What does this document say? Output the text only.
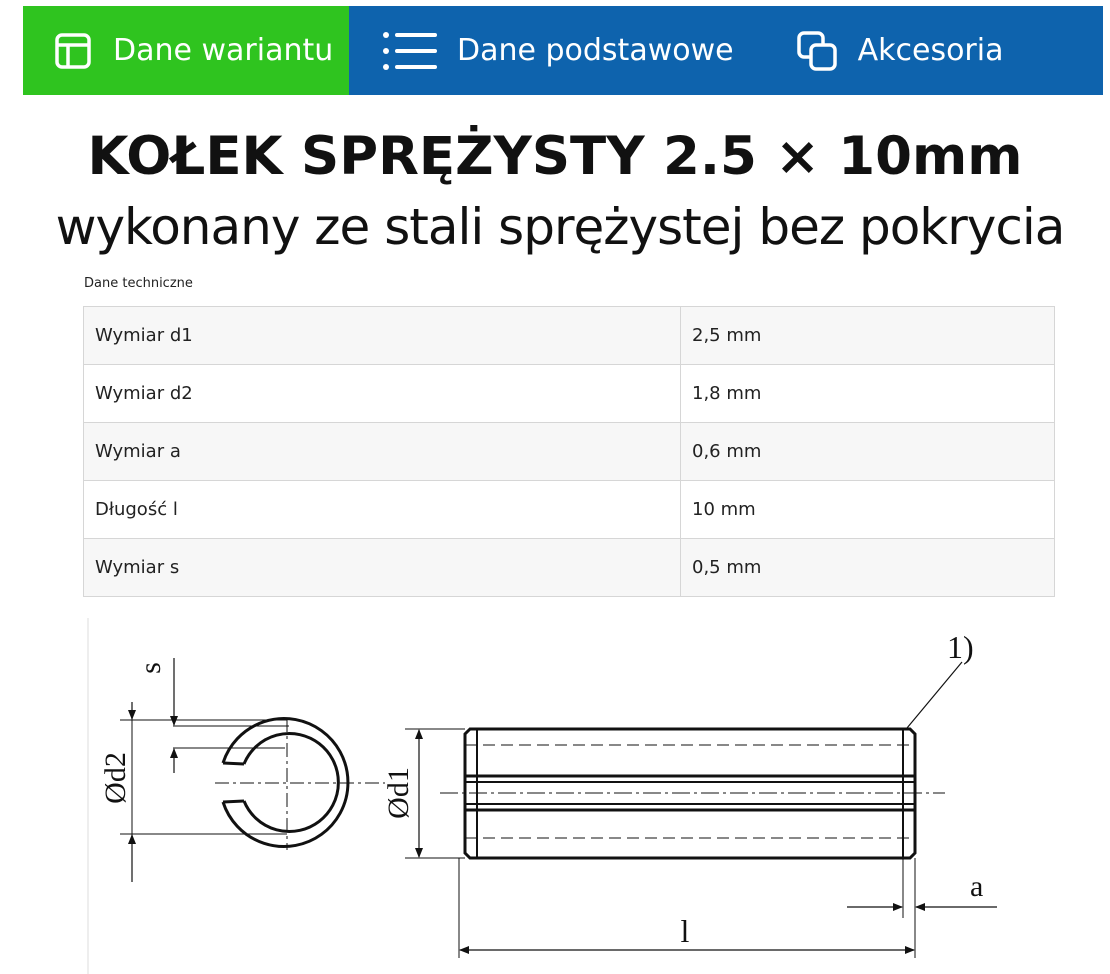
Dane wariantu	Dane podstawowe	Akcesoria
KOŁEK SPRĘŻYSTY 2.5 × 10mm
wykonany ze stali sprężystej bez pokrycia
Dane techniczne
Wymiar d1	2,5 mm
Wymiar d2	1,8 mm
Wymiar a	0,6 mm
Długość l	10 mm
Wymiar s	0,5 mm
s
Ød2	Ød1
1)
a
l
